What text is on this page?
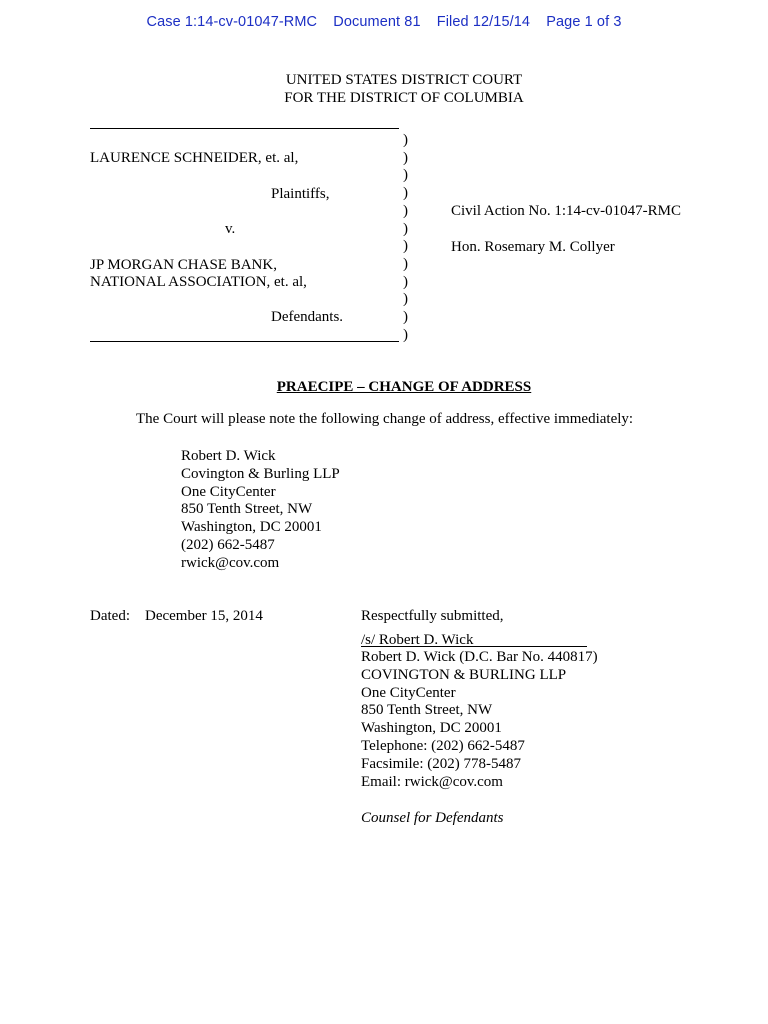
Case 1:14-cv-01047-RMC Document 81 Filed 12/15/14 Page 1 of 3
UNITED STATES DISTRICT COURT
FOR THE DISTRICT OF COLUMBIA
)
)
)
)
)
)
)
)
)
)
)
)
LAURENCE SCHNEIDER, et. al,
Plaintiffs,
v.
JP MORGAN CHASE BANK,
NATIONAL ASSOCIATION, et. al,
Defendants.
Civil Action No. 1:14-cv-01047-RMC
Hon. Rosemary M. Collyer
PRAECIPE – CHANGE OF ADDRESS
The Court will please note the following change of address, effective immediately:
Robert D. Wick
Covington & Burling LLP
One CityCenter
850 Tenth Street, NW
Washington, DC 20001
(202) 662-5487
rwick@cov.com
Dated: December 15, 2014	Respectfully submitted,
/s/ Robert D. Wick
Robert D. Wick (D.C. Bar No. 440817)
COVINGTON & BURLING LLP
One CityCenter
850 Tenth Street, NW
Washington, DC 20001
Telephone: (202) 662-5487
Facsimile: (202) 778-5487
Email: rwick@cov.com
Counsel for Defendants
